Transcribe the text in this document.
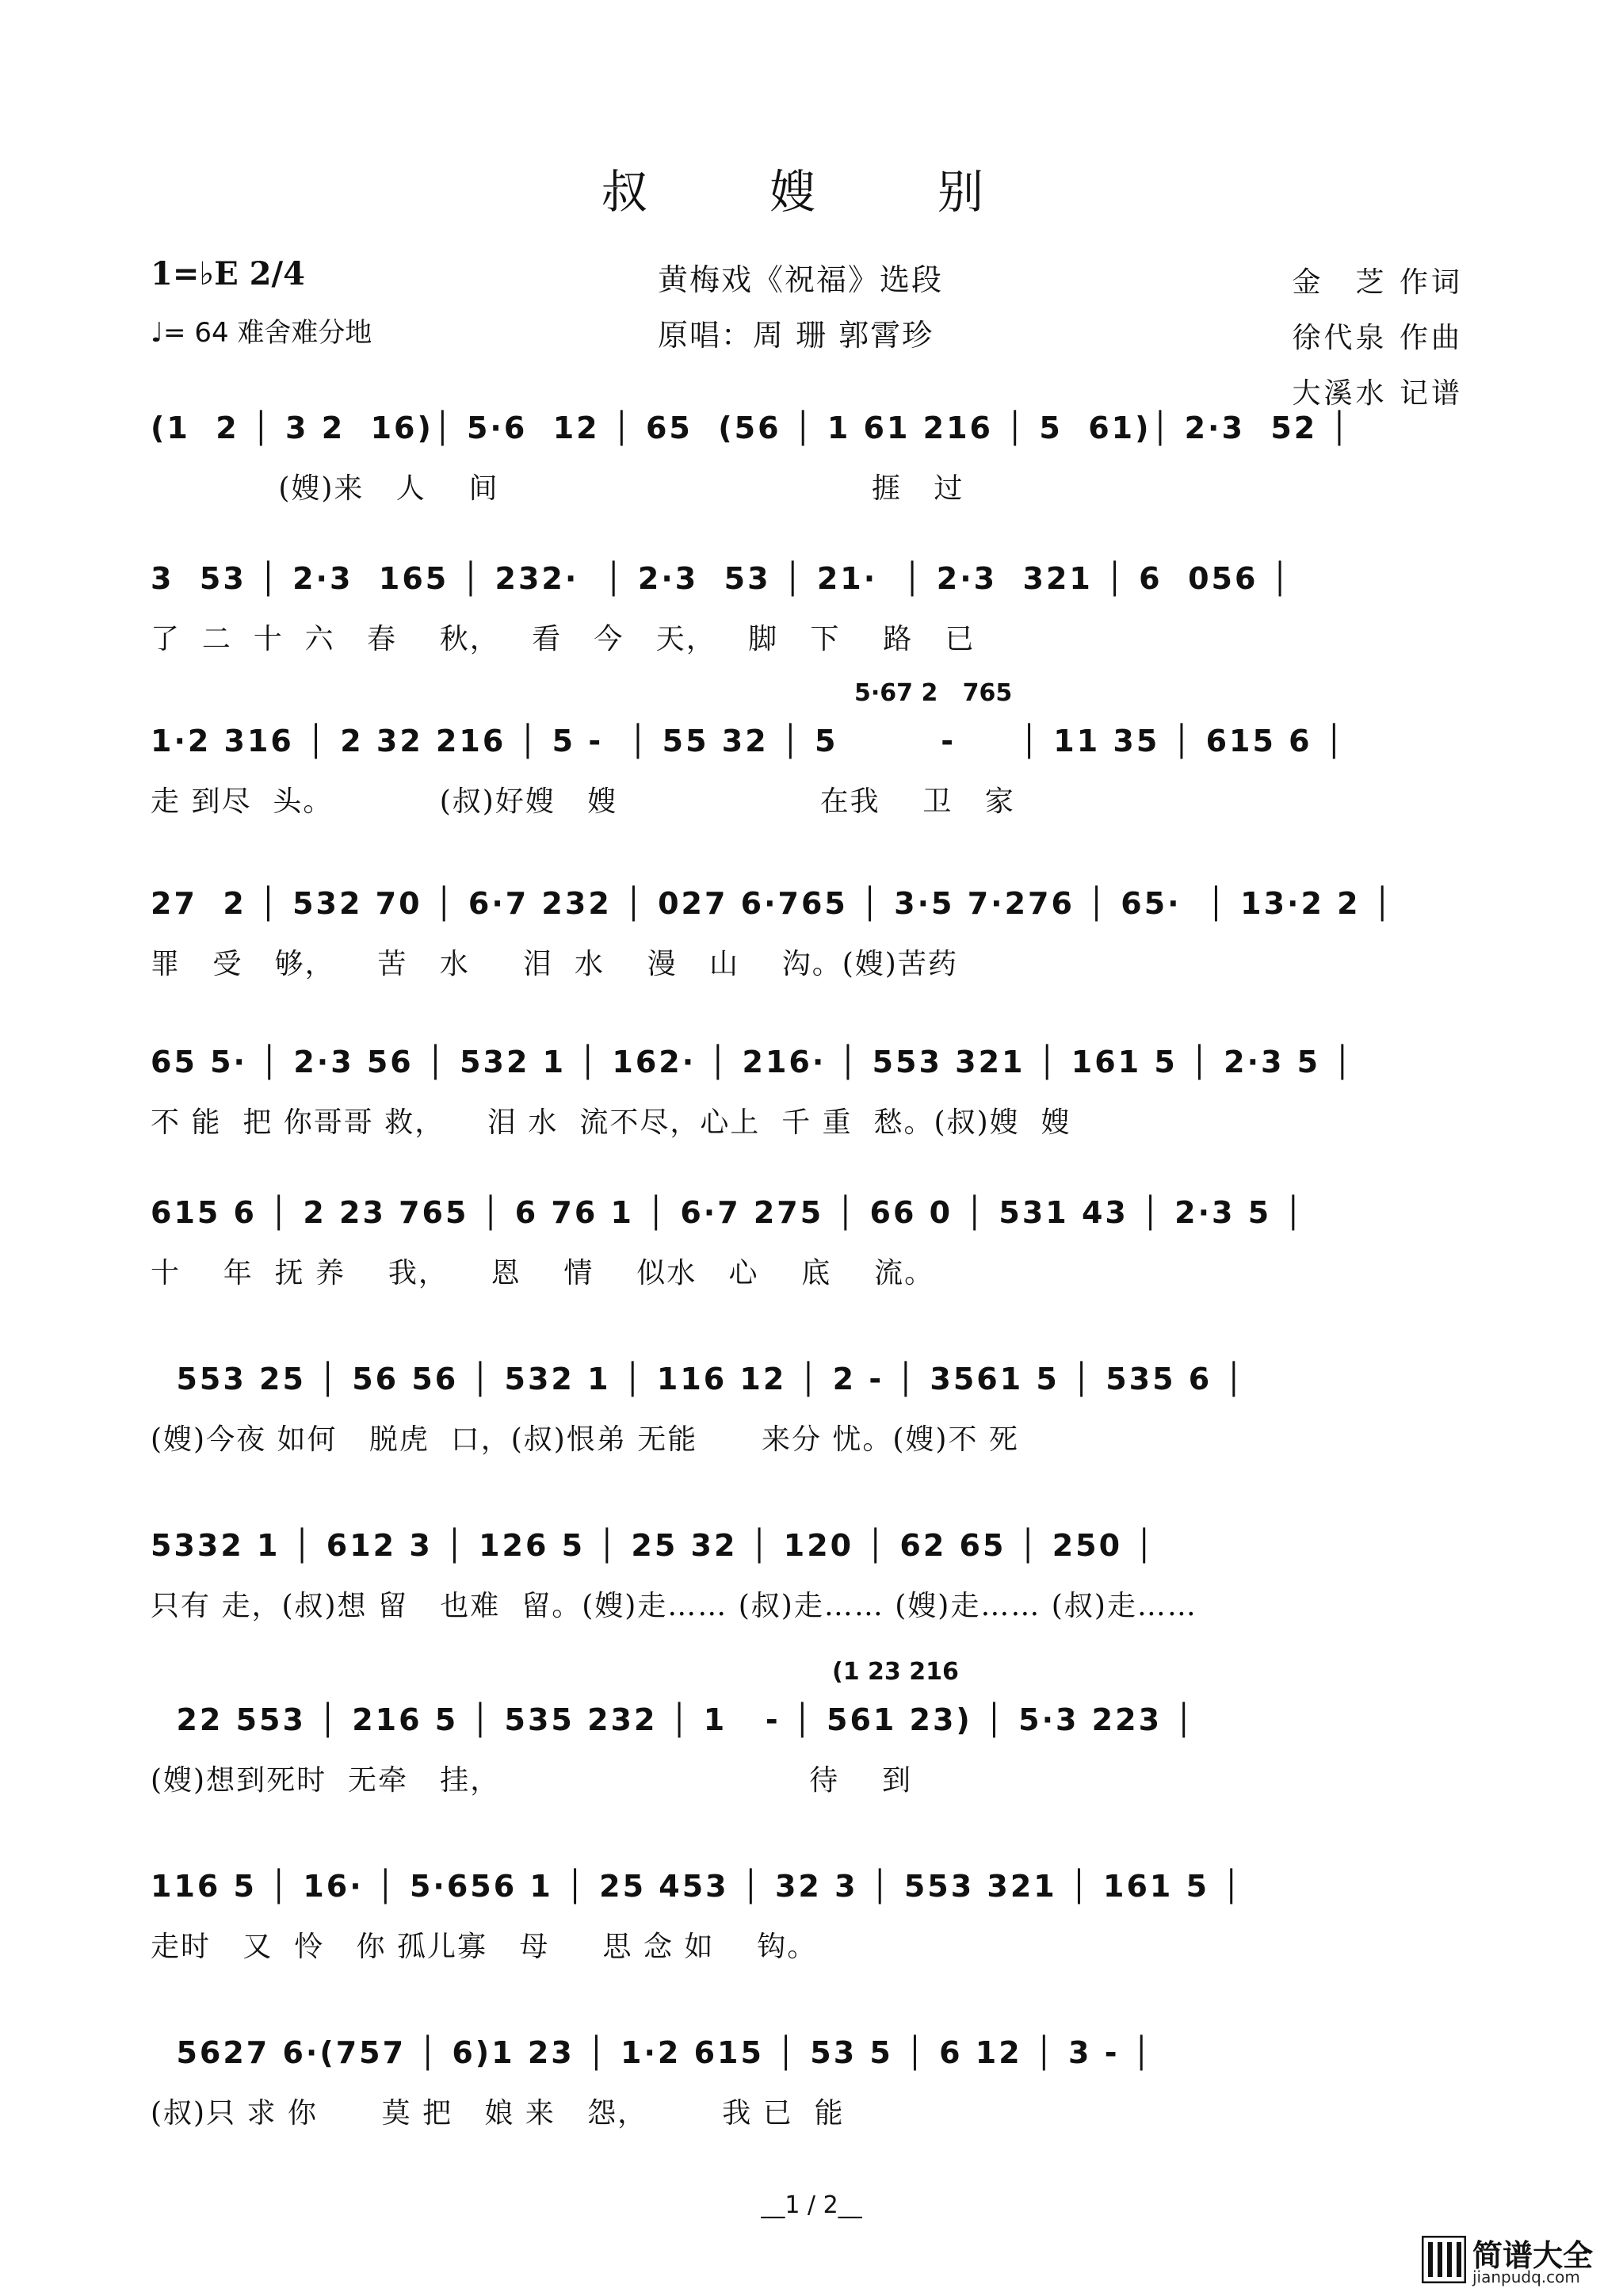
叔　嫂　别
1=♭E 2/4
♩= 64 难舍难分地
黄梅戏《祝福》选段
原唱：周 珊 郭霄珍
金　芝 作词
徐代泉 作曲
大溪水 记谱
(1  2 │ 3 2  16)│ 5·6  12 │ 65  (56 │ 1 61 216 │ 5  61)│ 2·3  52 │
(嫂)来   人    间                                   捱   过
3  53 │ 2·3  165 │ 232·  │ 2·3  53 │ 21·  │ 2·3  321 │ 6  056 │
了  二  十  六   春    秋，   看   今   天，   脚   下    路   已
5·67 2   765
1·2 316 │ 2 32 216 │ 5 -  │ 55 32 │ 5        -     │ 11 35 │ 615 6 │
走 到尽  头。          (叔)好嫂   嫂                   在我    卫   家
27  2 │ 532 70 │ 6·7 232 │ 027 6·765 │ 3·5 7·276 │ 65·  │ 13·2 2 │
罪   受   够，    苦   水     泪  水    漫   山    沟。(嫂)苦药
65 5· │ 2·3 56 │ 532 1 │ 162· │ 216· │ 553 321 │ 161 5 │ 2·3 5 │
不 能  把 你哥哥 救，    泪 水  流不尽，心上  千 重  愁。(叔)嫂  嫂
615 6 │ 2 23 765 │ 6 76 1 │ 6·7 275 │ 66 0 │ 531 43 │ 2·3 5 │
十    年  抚 养    我，    恩    情    似水   心    底    流。
553 25 │ 56 56 │ 532 1 │ 116 12 │ 2 - │ 3561 5 │ 535 6 │
(嫂)今夜 如何   脱虎  口，(叔)恨弟 无能      来分 忧。(嫂)不 死
5332 1 │ 612 3 │ 126 5 │ 25 32 │ 120 │ 62 65 │ 250 │
只有 走，(叔)想 留   也难  留。(嫂)走…… (叔)走…… (嫂)走…… (叔)走……
(1 23 216
22 553 │ 216 5 │ 535 232 │ 1   - │ 561 23) │ 5·3 223 │
(嫂)想到死时  无牵   挂，                             待    到
116 5 │ 16· │ 5·656 1 │ 25 453 │ 32 3 │ 553 321 │ 161 5 │
走时   又  怜   你 孤儿寡   母     思 念 如    钩。
5627 6·(757 │ 6)1 23 │ 1·2 615 │ 53 5 │ 6 12 │ 3 - │
(叔)只 求 你      莫 把   娘 来   怨，       我 已  能
__1 / 2__
简谱大全
jianpudq.com
